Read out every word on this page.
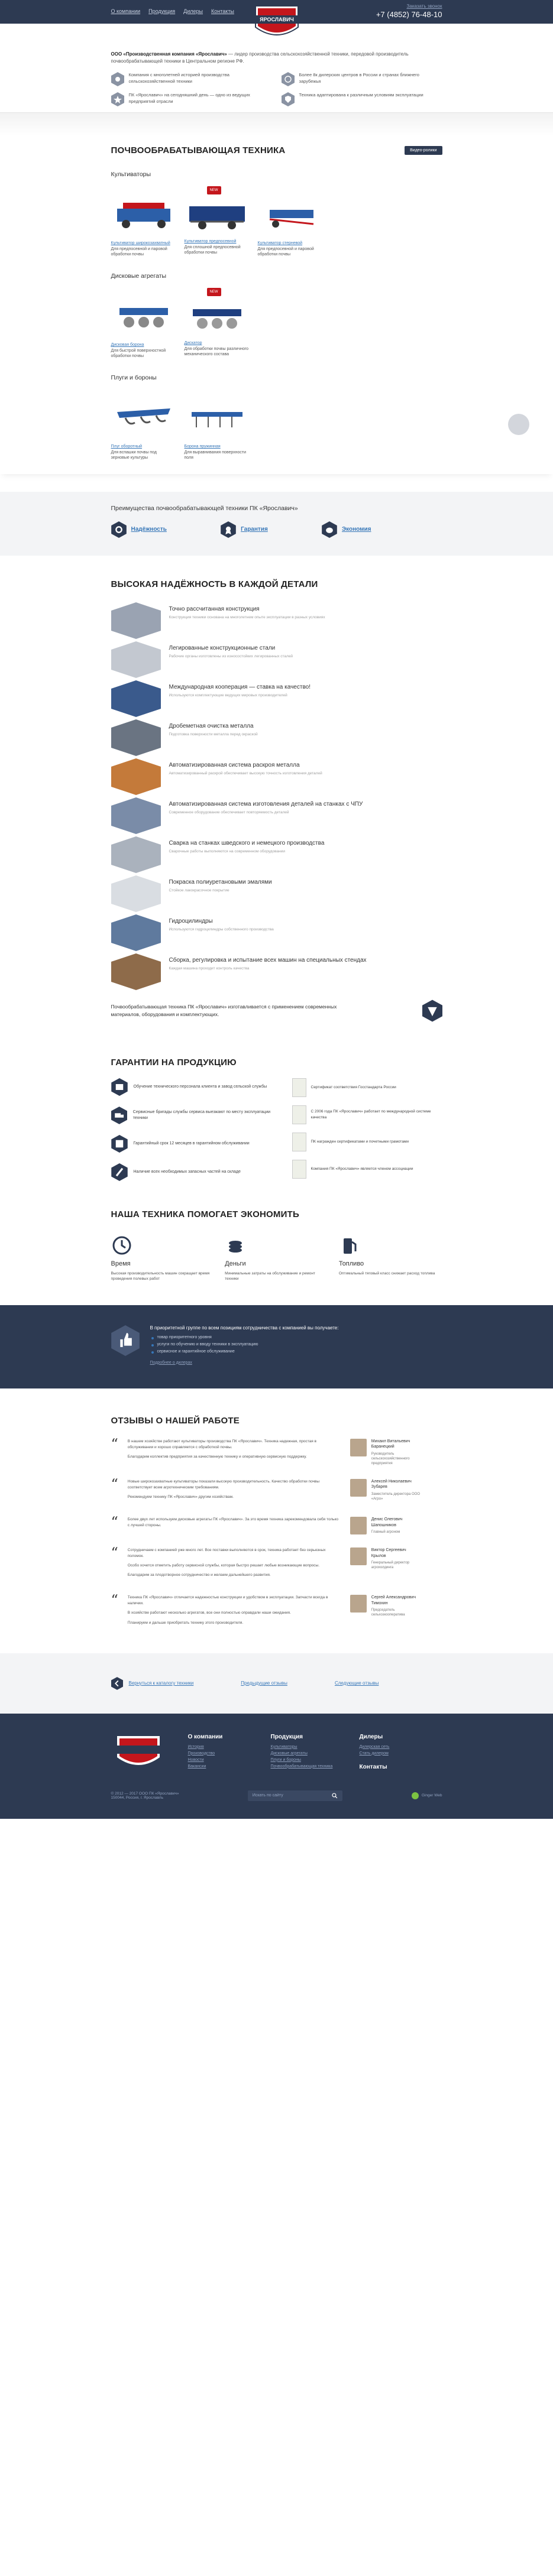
О компании Продукция Дилеры Контакты
ЯРОСЛАВИЧ
Заказать звонок
+7 (4852) 76-48-10

ООО «Производственная компания «Ярославич» — лидер производства сельскохозяйственной техники, передовой производитель почвообрабатывающей техники в Центральном регионе РФ.

Компания с многолетней историей производства сельскохозяйственной техники
Более 8к дилерских центров в России и странах ближнего зарубежья
ПК «Ярославич» на сегодняшний день — одно из ведущих предприятий отрасли
Техника адаптирована к различным условиям эксплуатации
ПОЧВООБРАБАТЫВАЮЩАЯ ТЕХНИКА	Видео-ролики
Культиваторы
Культиватор широкозахватный
Для предпосевной и паровой обработки почвы
NEW
Культиватор предпосевной
Для сплошной предпосевной обработки почвы
Культиватор стерневой
Для предпосевной и паровой обработки почвы
Дисковые агрегаты
Дисковая борона
Для быстрой поверхностной обработки почвы
NEW
Дискатор
Для обработки почвы различного механического состава
Плуги и бороны
Плуг оборотный
Для вспашки почвы под зерновые культуры
Борона пружинная
Для выравнивания поверхности поля
Преимущества почвообрабатывающей техники ПК «Ярославич»
Надёжность	Гарантия	Экономия
ВЫСОКАЯ НАДЁЖНОСТЬ В КАЖДОЙ ДЕТАЛИ
Точно рассчитанная конструкция
Конструкция техники основана на многолетнем опыте эксплуатации в разных условиях
Легированные конструкционные стали
Рабочие органы изготовлены из износостойких легированных сталей
Международная кооперация — ставка на качество!
Используются комплектующие ведущих мировых производителей
Дробеметная очистка металла
Подготовка поверхности металла перед окраской
Автоматизированная система раскроя металла
Автоматизированный раскрой обеспечивает высокую точность изготовления деталей
Автоматизированная система изготовления деталей на станках с ЧПУ
Современное оборудование обеспечивает повторяемость деталей
Сварка на станках шведского и немецкого производства
Сварочные работы выполняются на современном оборудовании
Покраска полиуретановыми эмалями
Стойкое лакокрасочное покрытие
Гидроцилиндры
Используются гидроцилиндры собственного производства
Сборка, регулировка и испытание всех машин на специальных стендах
Каждая машина проходит контроль качества

Почвообрабатывающая техника ПК «Ярославич» изготавливается с применением современных материалов, оборудования и комплектующих.

ГАРАНТИИ НА ПРОДУКЦИЮ
Обучение технического персонала клиента и завод сельской службы
Сервисные бригады службы сервиса выезжают по месту эксплуатации техники
Гарантийный срок 12 месяцев в гарантийном обслуживании
Наличие всех необходимых запасных частей на складе
Сертификат соответствия Госстандарта России
С 2006 года ПК «Ярославич» работает по международной системе качества
ПК награжден сертификатами и почетными грамотами
Компания ПК «Ярославич» является членом ассоциации
НАША ТЕХНИКА ПОМОГАЕТ ЭКОНОМИТЬ
Время
Высокая производительность машин сокращает время проведения полевых работ
Деньги
Минимальные затраты на обслуживание и ремонт техники
Топливо
Оптимальный тяговый класс снижает расход топлива
В приоритетной группе по всем позициям сотрудничества с компанией вы получаете:
товар приоритетного уровня
услуги по обучению и вводу техники в эксплуатацию
сервисное и гарантийное обслуживание
Подробнее о дилерах
ОТЗЫВЫ О НАШЕЙ РАБОТЕ
“ В нашем хозяйстве работают культиваторы производства ПК «Ярославич». Техника надежная, простая в обслуживании и хорошо справляется с обработкой почвы.

Благодарим коллектив предприятия за качественную технику и оперативную сервисную поддержку.

Михаил Витальевич Баранецкий
Руководитель сельскохозяйственного предприятия
“ Новые широкозахватные культиваторы показали высокую производительность. Качество обработки почвы соответствует всем агротехническим требованиям.

Рекомендуем технику ПК «Ярославич» другим хозяйствам.

Алексей Николаевич Зубарев
Заместитель директора ООО «Агро»
“ Более двух лет используем дисковые агрегаты ПК «Ярославич». За это время техника зарекомендовала себя только с лучшей стороны.

Денис Олегович Шапошников
Главный агроном
“ Сотрудничаем с компанией уже много лет. Все поставки выполняются в срок, техника работает без серьезных поломок.

Особо хочется отметить работу сервисной службы, которая быстро решает любые возникающие вопросы.

Благодарим за плодотворное сотрудничество и желаем дальнейшего развития.

Виктор Сергеевич Крылов
Генеральный директор агрохолдинга
“ Техника ПК «Ярославич» отличается надежностью конструкции и удобством в эксплуатации. Запчасти всегда в наличии.

В хозяйстве работают несколько агрегатов, все они полностью оправдали наши ожидания.

Планируем и дальше приобретать технику этого производителя.

Сергей Александрович Тимохин
Председатель сельхозкооператива
Вернуться к каталогу техники	Предыдущие отзывы	Следующие отзывы
О компании
История
Производство
Новости
Вакансии
Продукция
Культиваторы
Дисковые агрегаты
Плуги и бороны
Почвообрабатывающая техника
Дилеры
Дилерская сеть
Стать дилером
Контакты
© 2012 — 2017 ООО ПК «Ярославич»
150044, Россия, г. Ярославль
Искать по сайту	Ginger Web
